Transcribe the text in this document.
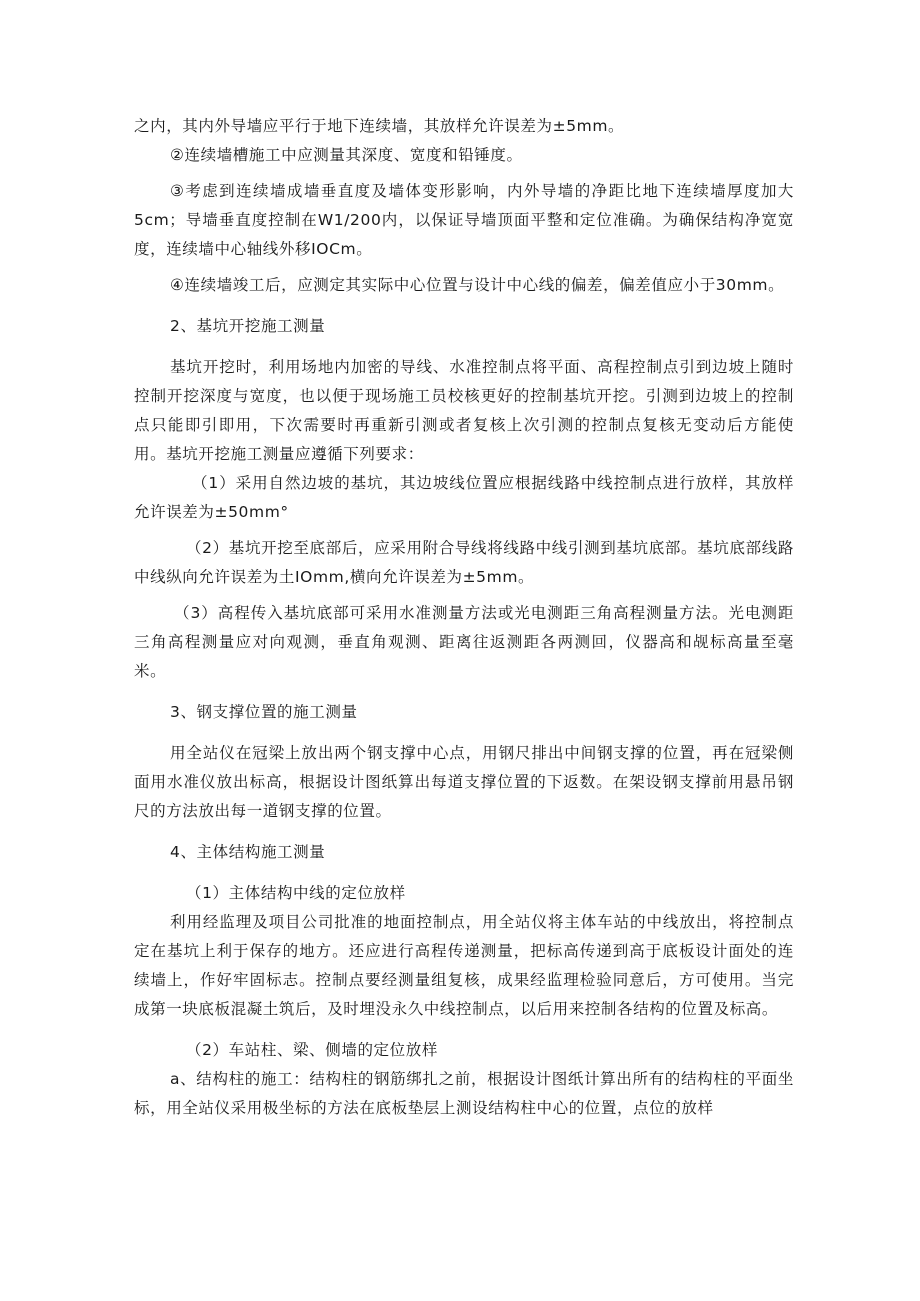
之内，其内外导墙应平行于地下连续墙，其放样允许误差为±5mm。

②连续墙槽施工中应测量其深度、宽度和铅锤度。

③考虑到连续墙成墙垂直度及墙体变形影响，内外导墙的净距比地下连续墙厚度加大5cm；导墙垂直度控制在W1/200内，以保证导墙顶面平整和定位准确。为确保结构净宽宽度，连续墙中心轴线外移IOCm。

④连续墙竣工后，应测定其实际中心位置与设计中心线的偏差，偏差值应小于30mm。

2、基坑开挖施工测量

基坑开挖时，利用场地内加密的导线、水准控制点将平面、高程控制点引到边坡上随时控制开挖深度与宽度，也以便于现场施工员校核更好的控制基坑开挖。引测到边坡上的控制点只能即引即用，下次需要时再重新引测或者复核上次引测的控制点复核无变动后方能使用。基坑开挖施工测量应遵循下列要求：

（1）采用自然边坡的基坑，其边坡线位置应根据线路中线控制点进行放样，其放样允许误差为±50mm°

（2）基坑开挖至底部后，应采用附合导线将线路中线引测到基坑底部。基坑底部线路中线纵向允许误差为土IOmm,横向允许误差为±5mm。

（3）高程传入基坑底部可采用水准测量方法或光电测距三角高程测量方法。光电测距三角高程测量应对向观测，垂直角观测、距离往返测距各两测回，仪器高和觇标高量至毫米。

3、钢支撑位置的施工测量

用全站仪在冠梁上放出两个钢支撑中心点，用钢尺排出中间钢支撑的位置，再在冠梁侧面用水准仪放出标高，根据设计图纸算出每道支撑位置的下返数。在架设钢支撑前用悬吊钢尺的方法放出每一道钢支撑的位置。

4、主体结构施工测量

（1）主体结构中线的定位放样

利用经监理及项目公司批准的地面控制点，用全站仪将主体车站的中线放出，将控制点定在基坑上利于保存的地方。还应进行高程传递测量，把标高传递到高于底板设计面处的连续墙上，作好牢固标志。控制点要经测量组复核，成果经监理检验同意后，方可使用。当完成第一块底板混凝土筑后，及时埋没永久中线控制点，以后用来控制各结构的位置及标高。

（2）车站柱、梁、侧墙的定位放样

a、结构柱的施工：结构柱的钢筋绑扎之前，根据设计图纸计算出所有的结构柱的平面坐标，用全站仪采用极坐标的方法在底板垫层上测设结构柱中心的位置，点位的放样
